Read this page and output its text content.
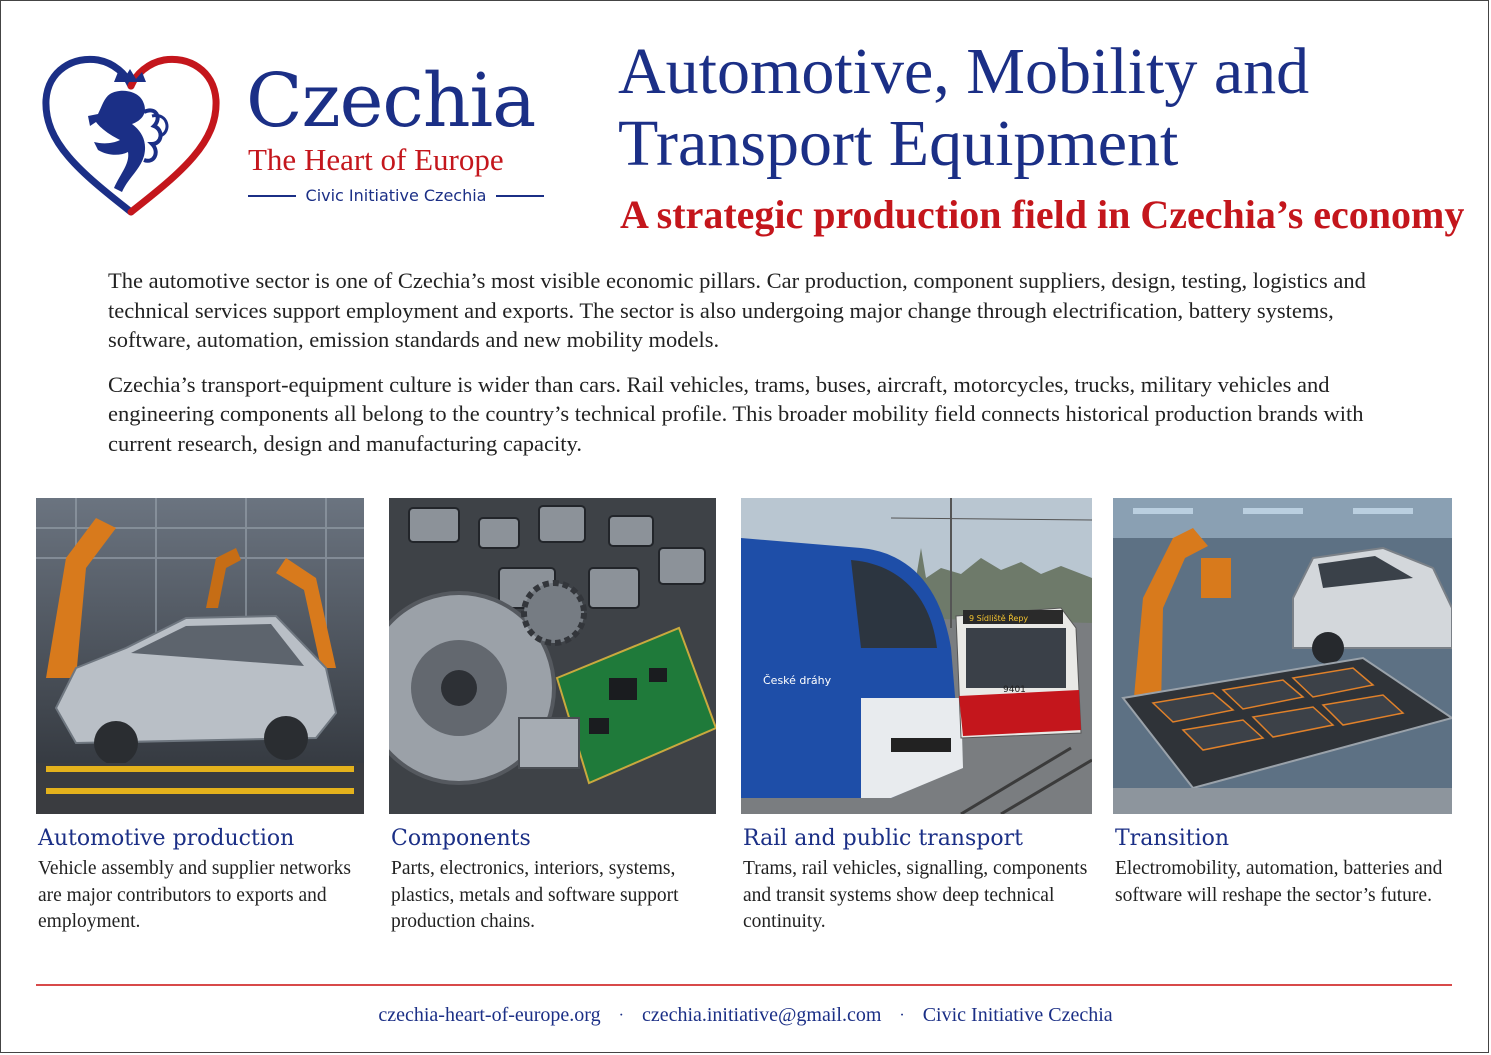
Czechia
The Heart of Europe
Civic Initiative Czechia
Automotive, Mobility and Transport Equipment
A strategic production field in Czechia’s economy

The automotive sector is one of Czechia’s most visible economic pillars. Car production, component suppliers, design, testing, logistics and technical services support employment and exports. The sector is also undergoing major change through electrification, battery systems, software, automation, emission standards and new mobility models.

Czechia’s transport-equipment culture is wider than cars. Rail vehicles, trams, buses, aircraft, motorcycles, trucks, military vehicles and engineering components all belong to the country’s technical profile. This broader mobility field connects historical production brands with current research, design and manufacturing capacity.

Automotive production

Vehicle assembly and supplier networks are major contributors to exports and employment.

Components

Parts, electronics, interiors, systems, plastics, metals and software support production chains.

České dráhy
9 Sídliště Řepy
9401
Rail and public transport

Trams, rail vehicles, signalling, components and transit systems show deep technical continuity.

Transition

Electromobility, automation, batteries and software will reshape the sector’s future.

czechia-heart-of-europe.org · czechia.initiative@gmail.com · Civic Initiative Czechia
